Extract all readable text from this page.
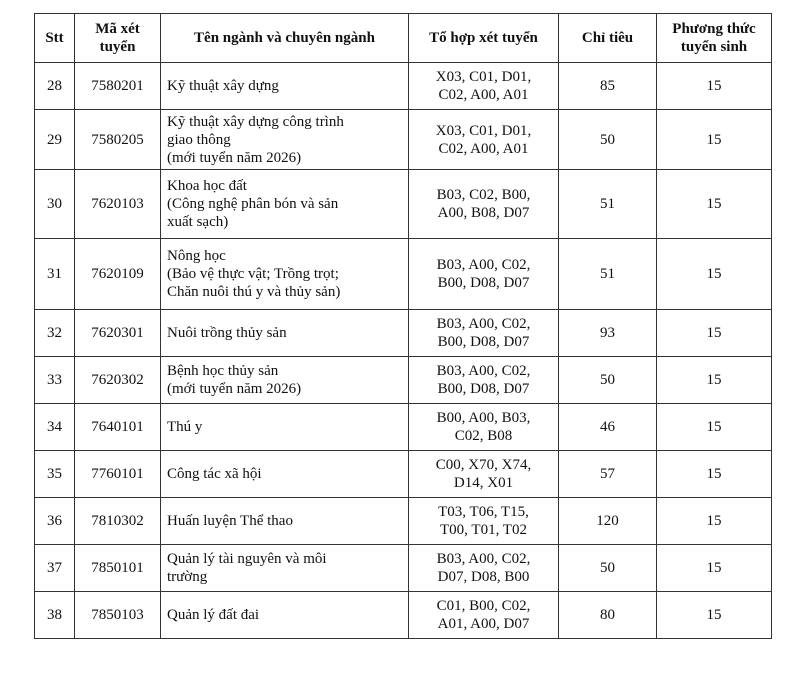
Stt	Mã xét
tuyển	Tên ngành và chuyên ngành	Tổ hợp xét tuyển	Chỉ tiêu	Phương thức
tuyển sinh
28	7580201	Kỹ thuật xây dựng	X03, C01, D01,
C02, A00, A01	85	15
29	7580205	Kỹ thuật xây dựng công trình
giao thông
(mới tuyển năm 2026)	X03, C01, D01,
C02, A00, A01	50	15
30	7620103	Khoa học đất
(Công nghệ phân bón và sản
xuất sạch)	B03, C02, B00,
A00, B08, D07	51	15
31	7620109	Nông học
(Bảo vệ thực vật; Trồng trọt;
Chăn nuôi thú y và thủy sản)	B03, A00, C02,
B00, D08, D07	51	15
32	7620301	Nuôi trồng thủy sản	B03, A00, C02,
B00, D08, D07	93	15
33	7620302	Bệnh học thủy sản
(mới tuyển năm 2026)	B03, A00, C02,
B00, D08, D07	50	15
34	7640101	Thú y	B00, A00, B03,
C02, B08	46	15
35	7760101	Công tác xã hội	C00, X70, X74,
D14, X01	57	15
36	7810302	Huấn luyện Thể thao	T03, T06, T15,
T00, T01, T02	120	15
37	7850101	Quản lý tài nguyên và môi
trường	B03, A00, C02,
D07, D08, B00	50	15
38	7850103	Quản lý đất đai	C01, B00, C02,
A01, A00, D07	80	15
